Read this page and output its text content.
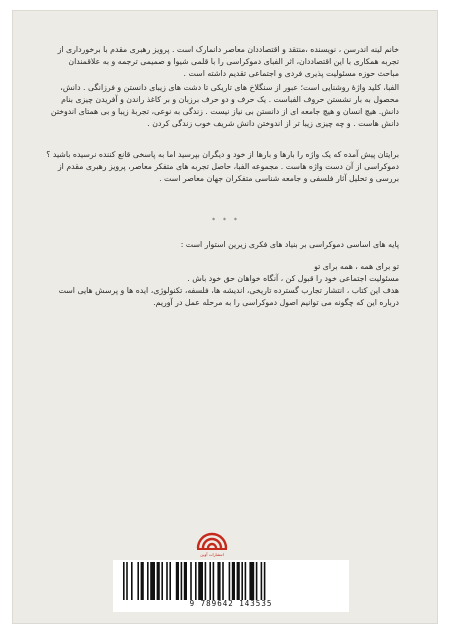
خانم لینه اندرسن ، نویسنده ،منتقد و اقتصاددان معاصر دانمارک است . پرویز رهبری مقدم با برخورداری از
تجربه همکاری با این اقتصاددان، اثر الفبای دموکراسی را با قلمی شیوا و صمیمی ترجمه و به علاقمندان
مباحث حوزه مسئولیت پذیری فردی و اجتماعی تقدیم داشته است .
الفبا، کلید واژۀ روشنایی است؛ عبور از سنگلاخ های تاریکی تا دشت های زیبای دانستن و فرزانگی . دانش،
محصول به بار نشستن حروف الفباست . یک حرف و دو حرف برزبان و بر کاغذ راندن و آفریدن چیزی بنام
دانش. هیچ انسان و هیچ جامعه ای از دانستن بی نیاز نیست . زندگی به نوعی، تجربۀ زیبا و بی همتای اندوختن
دانش هاست . و چه چیزی زیبا تر از اندوختن دانش شریف خوب زندگی کردن .
برایتان پیش آمده که یک واژه را بارها و بارها از خود و دیگران بپرسید اما به پاسخی قانع کننده نرسیده باشید ؟
دموکراسی از آن دست واژه هاست . مجموعه الفبا، حاصل تجربه های متفکر معاصر، پرویز رهبری مقدم از
بررسی و تحلیل آثار فلسفی و جامعه شناسی متفکران جهان معاصر است .
* * *
پایه های اساسی دموکراسی بر بنیاد های فکری زیرین استوار است :
تو برای همه ، همه برای تو
مسئولیت اجتماعی خود را قبول کن ، آنگاه خواهان حق خود باش .
هدف این کتاب ، انتشار تجارب گسترده تاریخی، اندیشه ها، فلسفه، تکنولوژی، ایده ها و پرسش هایی است
درباره این که چگونه می توانیم اصول دموکراسی را به مرحله عمل در آوریم.
انتشارات آوین
9 789642 143535
